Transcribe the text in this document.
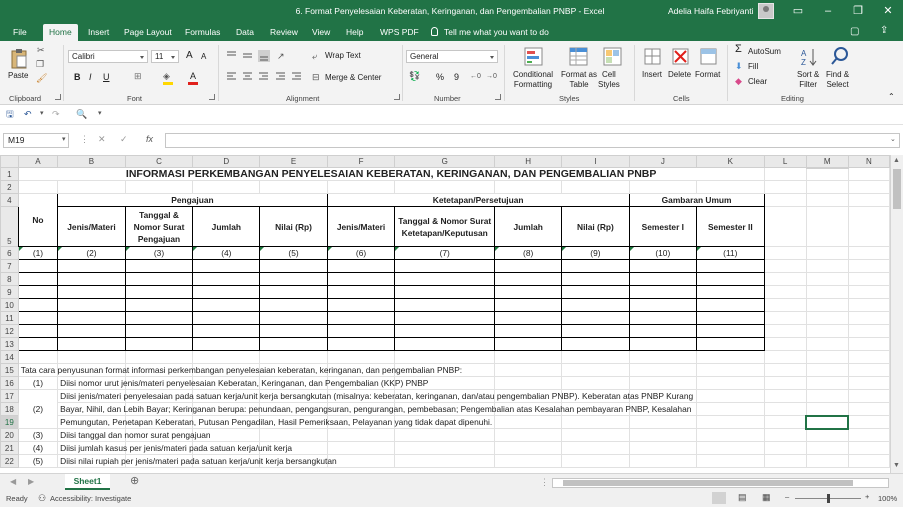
6. Format Penyelesaian Keberatan, Keringanan, dan Pengembalian PNBP - Excel	Adelia Haifa Febriyanti	▭	–	❐	✕
File	Home	Insert Page Layout Formulas Data Review View Help WPS PDF	Tell me what you want to do	▢ ⇪
Paste
✂
❐
🖌
Clipboard
Calibri	11	A A
B I U	⊞ ◈ A
Font
↗	⤶ Wrap Text
⊟ Merge & Center
Alignment
General
💱 % 9 ←0 →0
Number
Conditional
Formatting
Format as
Table
Cell
Styles
Styles
Insert Delete Format
Cells
Σ AutoSum
⬇ Fill
◆ Clear
A
Z
Sort &
Filter
Find &
Select
Editing	⌃
🖫 ↶ ▾ ↷ 🔍 ▾
M19	▾ ⋮ ✕ ✓ fx	⌄
	A	B	C	D	E	F	G	H	I	J	K	L	M	N
1	INFORMASI PERKEMBANGAN PENYELESAIAN KEBERATAN, KERINGANAN, DAN PENGEMBALIAN PNBP													
2														
4	No	Pengajuan				Ketetapan/Persetujuan				Gambaran Umum				
5		Jenis/Materi	Tanggal & Nomor Surat Pengajuan	Jumlah	Nilai (Rp)	Jenis/Materi	Tanggal & Nomor Surat Ketetapan/Keputusan	Jumlah	Nilai (Rp)	Semester I	Semester II			
6	(1)	(2)	(3)	(4)	(5)	(6)	(7)	(8)	(9)	(10)	(11)			
7														
8														
9														
10														
11														
12														
13														
14														
15	Tata cara penyusunan format informasi perkembangan penyelesaian keberatan, keringanan, dan pengembalian PNBP:													

16	(1)	Diisi nomor urut jenis/materi penyelesaian Keberatan, Keringanan, dan Pengembalian (KKP) PNBP												

17	(2)	Diisi jenis/materi penyelesaian pada satuan kerja/unit kerja bersangkutan (misalnya: keberatan, keringanan, dan/atau pengembalian PNBP). Keberatan atas PNBP Kurang												

18		Bayar, Nihil, dan Lebih Bayar; Keringanan berupa: penundaan, pengangsuran, pengurangan, pembebasan; Pengembalian atas Kesalahan pembayaran PNBP, Kesalahan												

19		Pemungutan, Penetapan Keberatan, Putusan Pengadilan, Hasil Pemeriksaan, Pelayanan yang tidak dapat dipenuhi.												

20	(3)	Diisi tanggal dan nomor surat pengajuan												

21	(4)	Diisi jumlah kasus per jenis/materi pada satuan kerja/unit kerja												

22	(5)	Diisi nilai rupiah per jenis/materi pada satuan kerja/unit kerja bersangkutan												

▲
▼
◀ ▶	Sheet1	⊕	⋮
Ready ⚇ Accessibility: Investigate	▤ ▦ –	+ 100%
